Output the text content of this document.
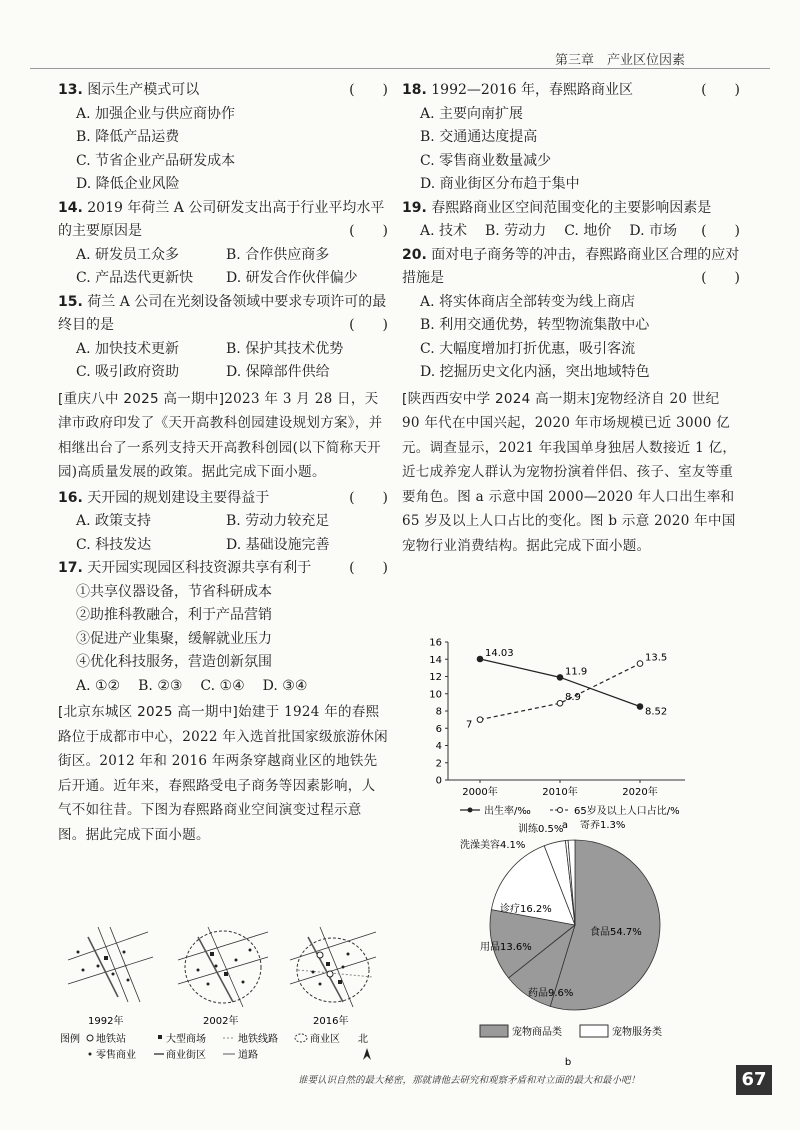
第三章　产业区位因素
13. 图示生产模式可以	(　　)
A. 加强企业与供应商协作
B. 降低产品运费
C. 节省企业产品研发成本
D. 降低企业风险
14. 2019 年荷兰 A 公司研发支出高于行业平均水平的主要原因是	(　　)
A. 研发员工众多	B. 合作供应商多
C. 产品迭代更新快	D. 研发合作伙伴偏少
15. 荷兰 A 公司在光刻设备领域中要求专项许可的最终目的是	(　　)
A. 加快技术更新	B. 保护其技术优势
C. 吸引政府资助	D. 保障部件供给
[重庆八中 2025 高一期中]2023 年 3 月 28 日，天津市政府印发了《天开高教科创园建设规划方案》，并相继出台了一系列支持天开高教科创园(以下简称天开园)高质量发展的政策。据此完成下面小题。
16. 天开园的规划建设主要得益于	(　　)
A. 政策支持	B. 劳动力较充足
C. 科技发达	D. 基础设施完善
17. 天开园实现园区科技资源共享有利于	(　　)
①共享仪器设备，节省科研成本
②助推科教融合，利于产品营销
③促进产业集聚，缓解就业压力
④优化科技服务，营造创新氛围
A. ①② B. ②③ C. ①④ D. ③④
[北京东城区 2025 高一期中]始建于 1924 年的春熙路位于成都市中心，2022 年入选首批国家级旅游休闲街区。2012 年和 2016 年两条穿越商业区的地铁先后开通。近年来，春熙路受电子商务等因素影响，人气不如往昔。下图为春熙路商业空间演变过程示意图。据此完成下面小题。
1992年	2002年	2016年
图例 地铁站
零售商业
大型商场
商业街区
地铁线路
道路
商业区 北
18. 1992—2016 年，春熙路商业区	(　　)
A. 主要向南扩展
B. 交通通达度提高
C. 零售商业数量减少
D. 商业街区分布趋于集中
19. 春熙路商业区空间范围变化的主要影响因素是
(　　)
A. 技术 B. 劳动力 C. 地价 D. 市场
20. 面对电子商务等的冲击，春熙路商业区合理的应对措施是	(　　)
A. 将实体商店全部转变为线上商店
B. 利用交通优势，转型物流集散中心
C. 大幅度增加打折优惠，吸引客流
D. 挖掘历史文化内涵，突出地域特色
[陕西西安中学 2024 高一期末]宠物经济自 20 世纪 90 年代在中国兴起，2020 年市场规模已近 3000 亿元。调查显示，2021 年我国单身独居人数接近 1 亿，近七成养宠人群认为宠物扮演着伴侣、孩子、室友等重要角色。图 a 示意中国 2000—2020 年人口出生率和 65 岁及以上人口占比的变化。图 b 示意 2020 年中国宠物行业消费结构。据此完成下面小题。
0
2
4
6
8
10
12
14
16
2000年	2010年	2020年
14.03
11.9
8.52
7
8.9
13.5
出生率/‰	65岁及以上人口占比/%
a
食品54.7%
药品9.6%
用品13.6%
诊疗16.2%
洗澡美容4.1%
训练0.5% 寄养1.3%
宠物商品类	宠物服务类
b
谁要认识自然的最大秘密，那就请他去研究和观察矛盾和对立面的最大和最小吧！	67
